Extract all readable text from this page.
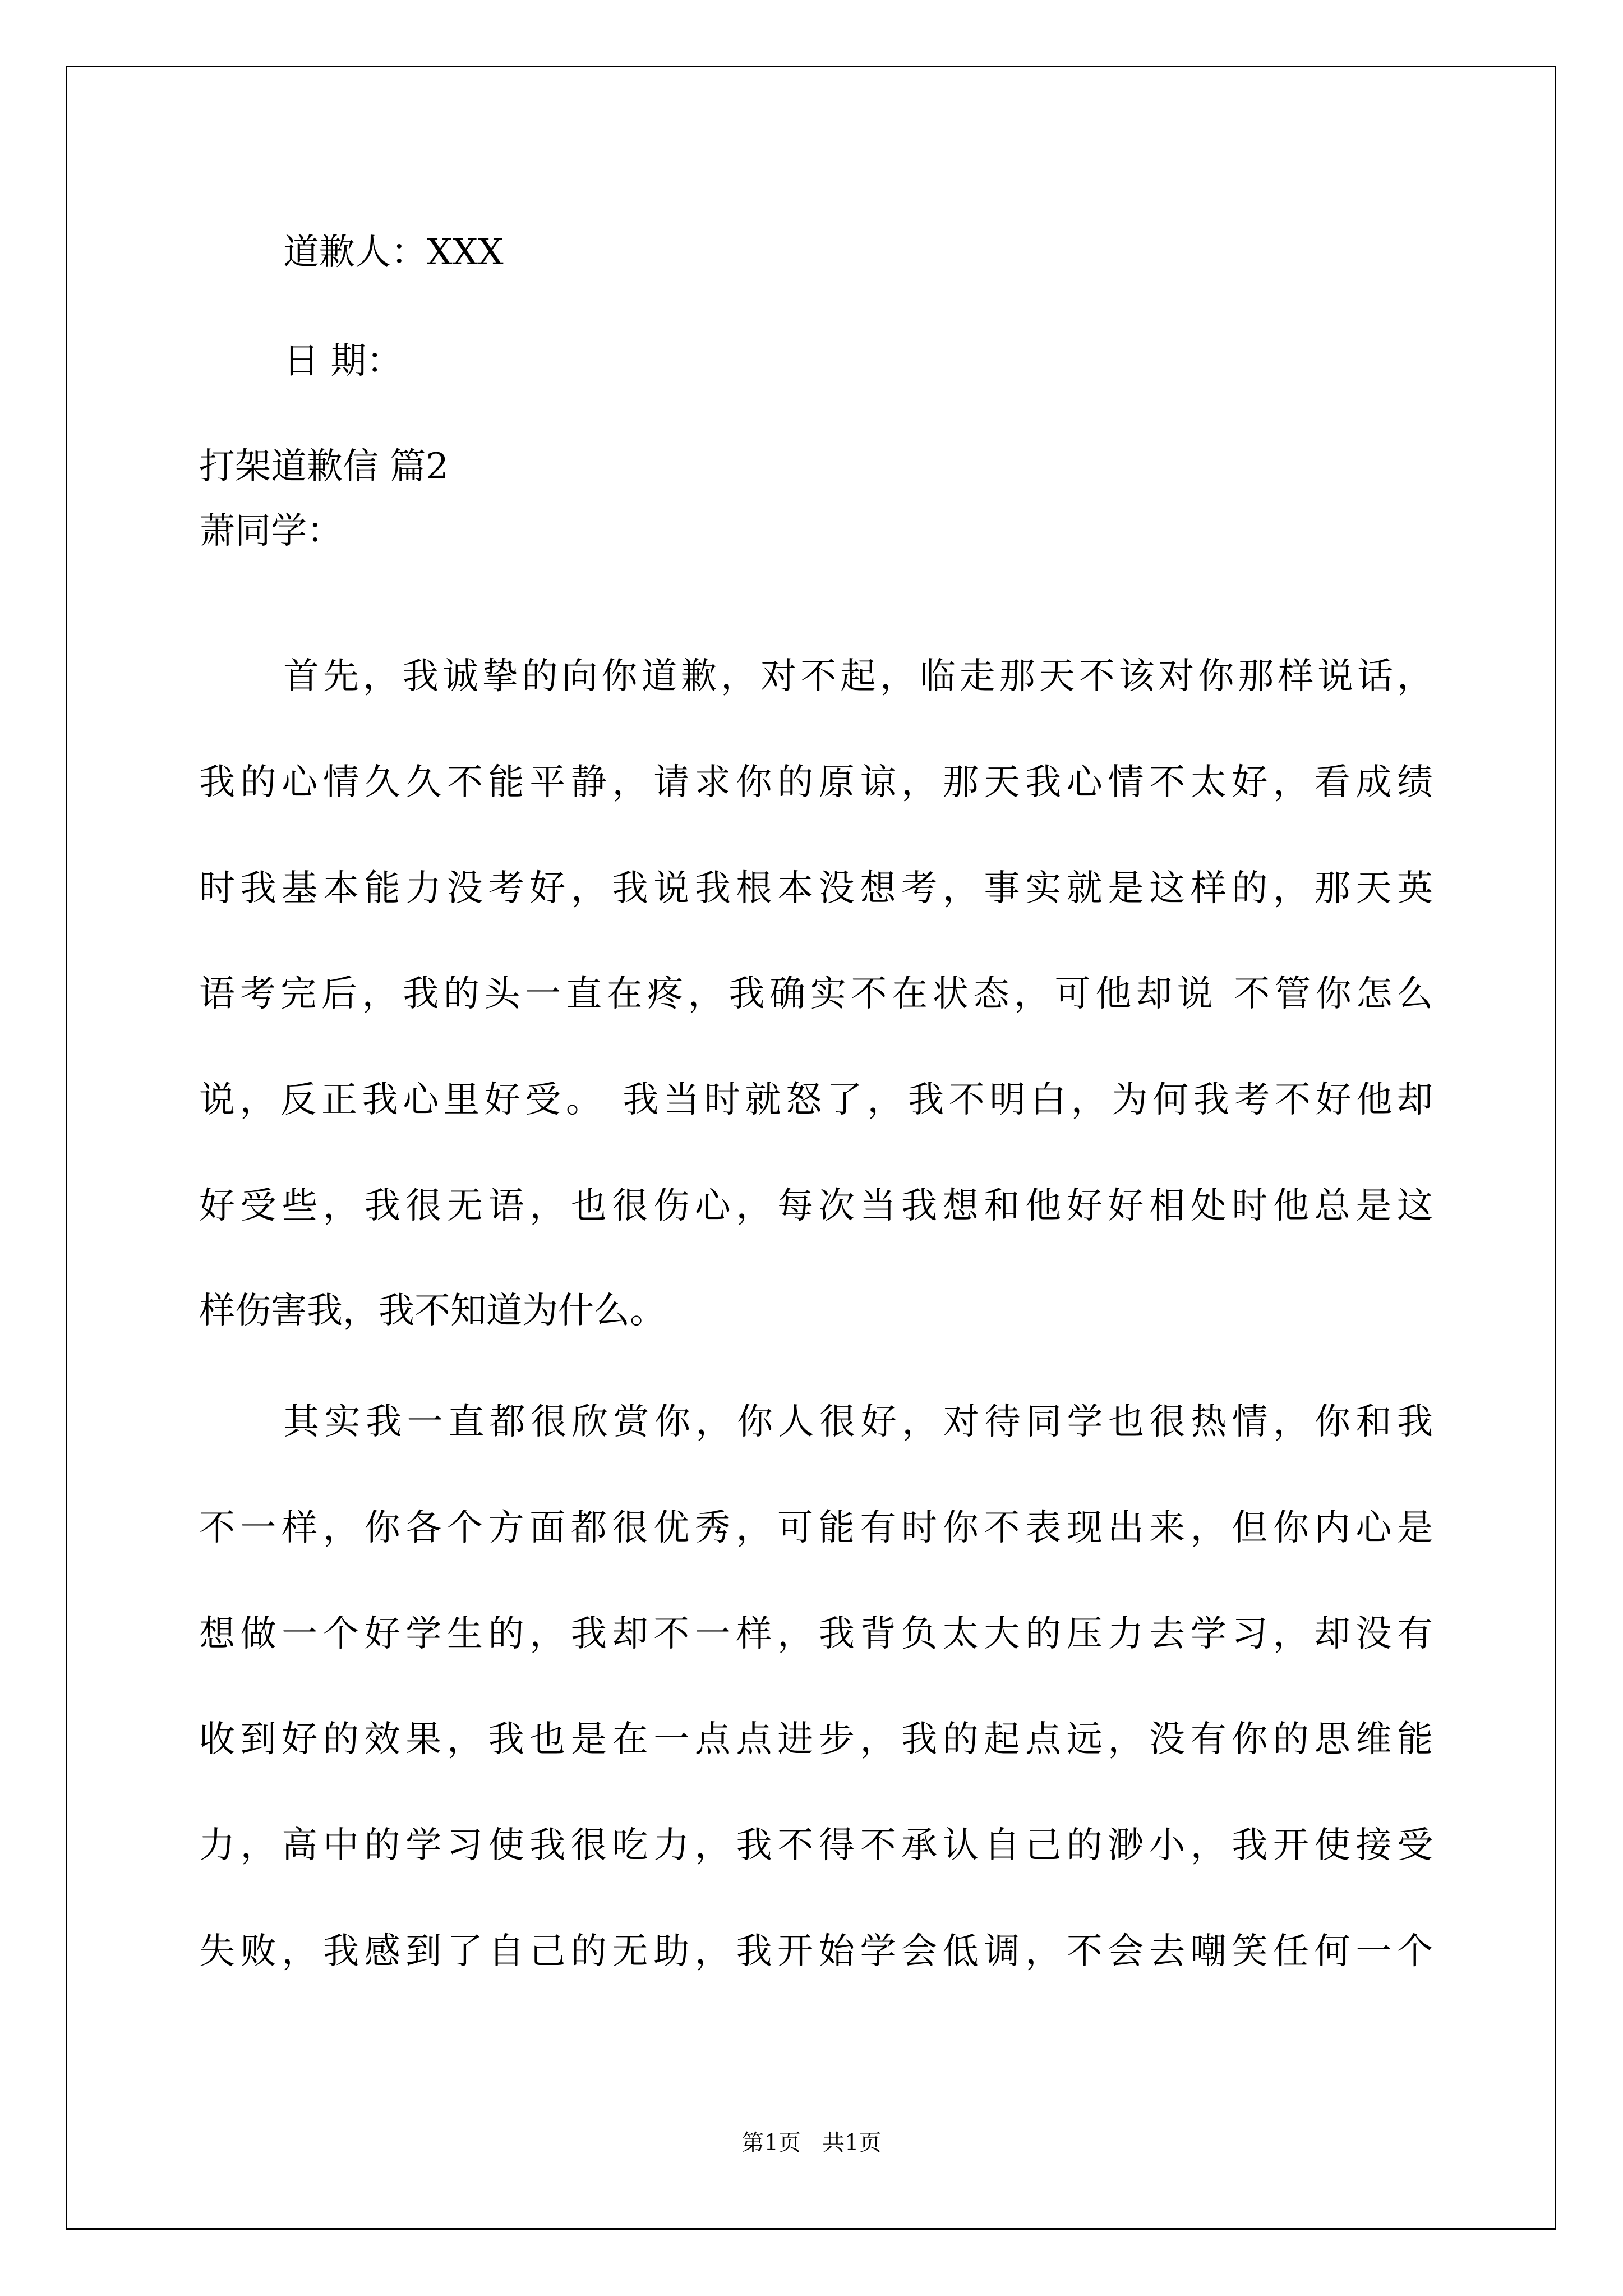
道歉人：XXX

日 期：

打架道歉信 篇2

萧同学：

首先，我诚挚的向你道歉，对不起，临走那天不该对你那样说话，

我的心情久久不能平静，请求你的原谅，那天我心情不太好，看成绩

时我基本能力没考好，我说我根本没想考，事实就是这样的，那天英

语考完后，我的头一直在疼，我确实不在状态，可他却说 不管你怎么

说，反正我心里好受。 我当时就怒了，我不明白，为何我考不好他却

好受些，我很无语，也很伤心，每次当我想和他好好相处时他总是这

样伤害我，我不知道为什么。

其实我一直都很欣赏你，你人很好，对待同学也很热情，你和我

不一样，你各个方面都很优秀，可能有时你不表现出来，但你内心是

想做一个好学生的，我却不一样，我背负太大的压力去学习，却没有

收到好的效果，我也是在一点点进步，我的起点远，没有你的思维能

力，高中的学习使我很吃力，我不得不承认自己的渺小，我开使接受

失败，我感到了自己的无助，我开始学会低调，不会去嘲笑任何一个

第1页   共1页
